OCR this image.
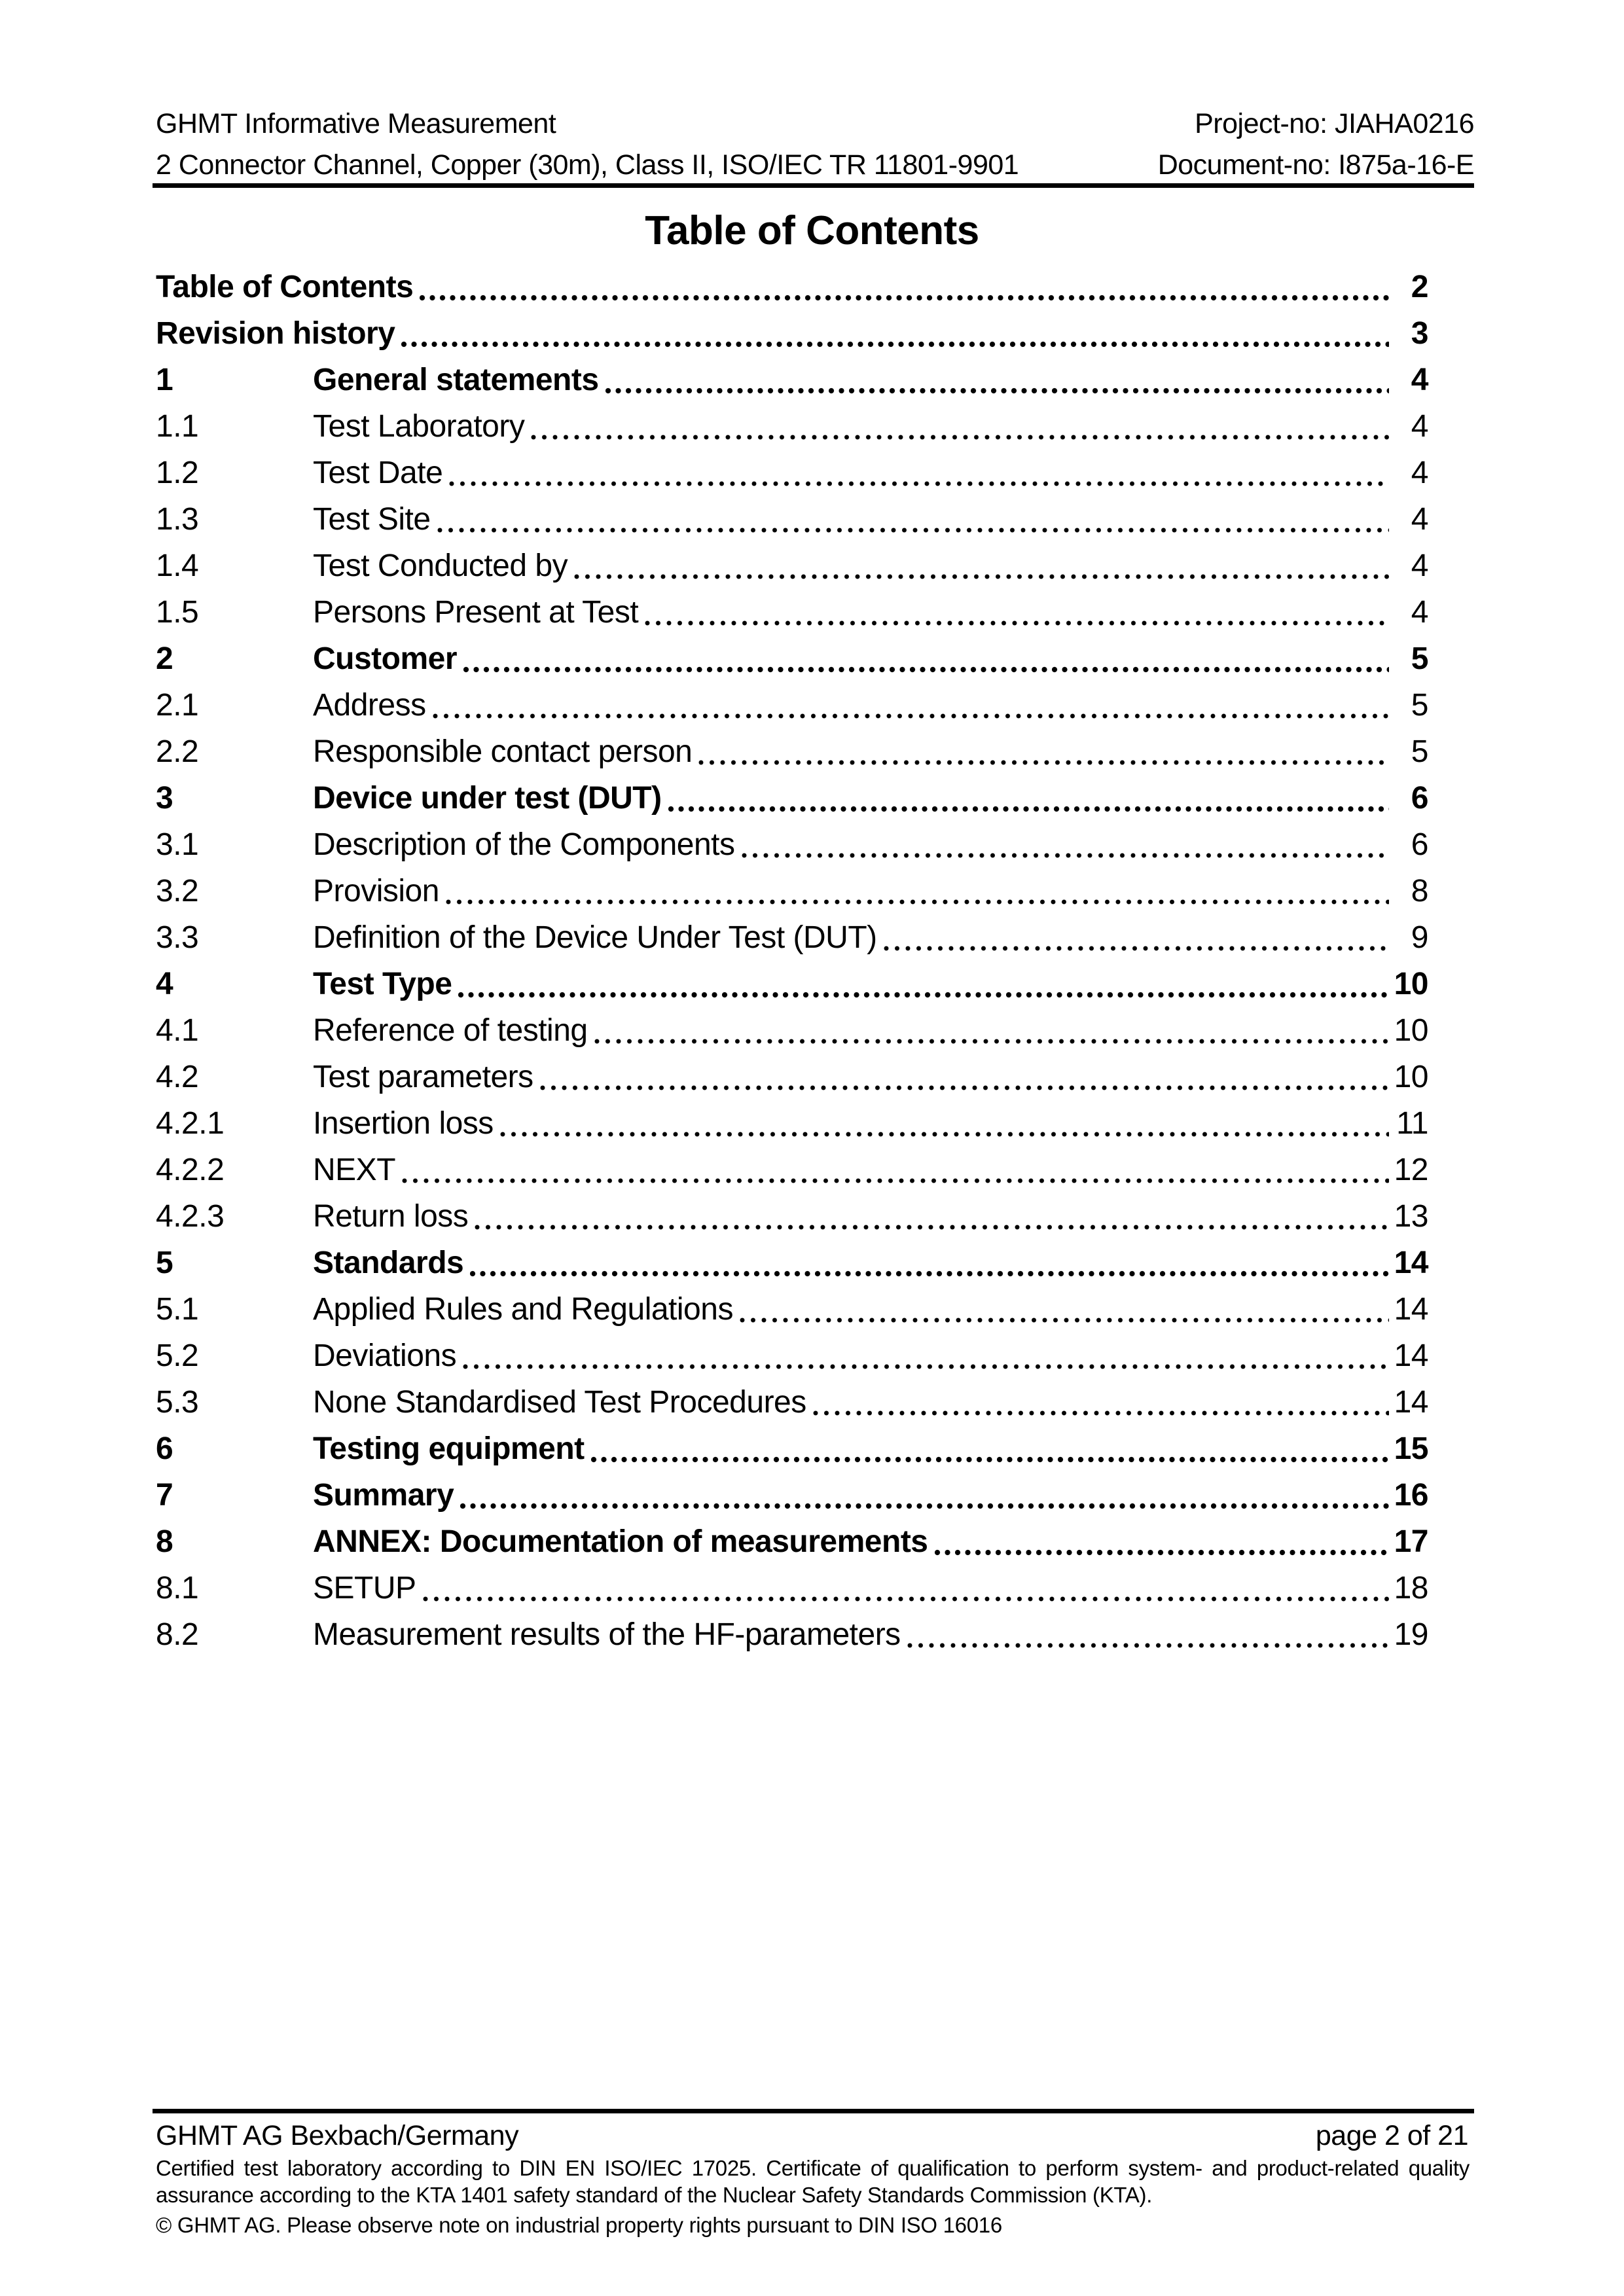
GHMT Informative Measurement	Project-no: JIAHA0216
2 Connector Channel, Copper (30m), Class II, ISO/IEC TR 11801-9901	Document-no: I875a-16-E
Table of Contents
Table of Contents	2
Revision history	3
1	General statements	4
1.1	Test Laboratory	4
1.2	Test Date	4
1.3	Test Site	4
1.4	Test Conducted by	4
1.5	Persons Present at Test	4
2	Customer	5
2.1	Address	5
2.2	Responsible contact person	5
3	Device under test (DUT)	6
3.1	Description of the Components	6
3.2	Provision	8
3.3	Definition of the Device Under Test (DUT)	9
4	Test Type	10
4.1	Reference of testing	10
4.2	Test parameters	10
4.2.1	Insertion loss	11
4.2.2	NEXT	12
4.2.3	Return loss	13
5	Standards	14
5.1	Applied Rules and Regulations	14
5.2	Deviations	14
5.3	None Standardised Test Procedures	14
6	Testing equipment	15
7	Summary	16
8	ANNEX: Documentation of measurements	17
8.1	SETUP	18
8.2	Measurement results of the HF-parameters	19
GHMT AG Bexbach/Germany	page 2 of 21
Certified test laboratory according to DIN EN ISO/IEC 17025. Certificate of qualification to perform system- and product-related quality assurance according to the KTA 1401 safety standard of the Nuclear Safety Standards Commission (KTA).
© GHMT AG. Please observe note on industrial property rights pursuant to DIN ISO 16016
